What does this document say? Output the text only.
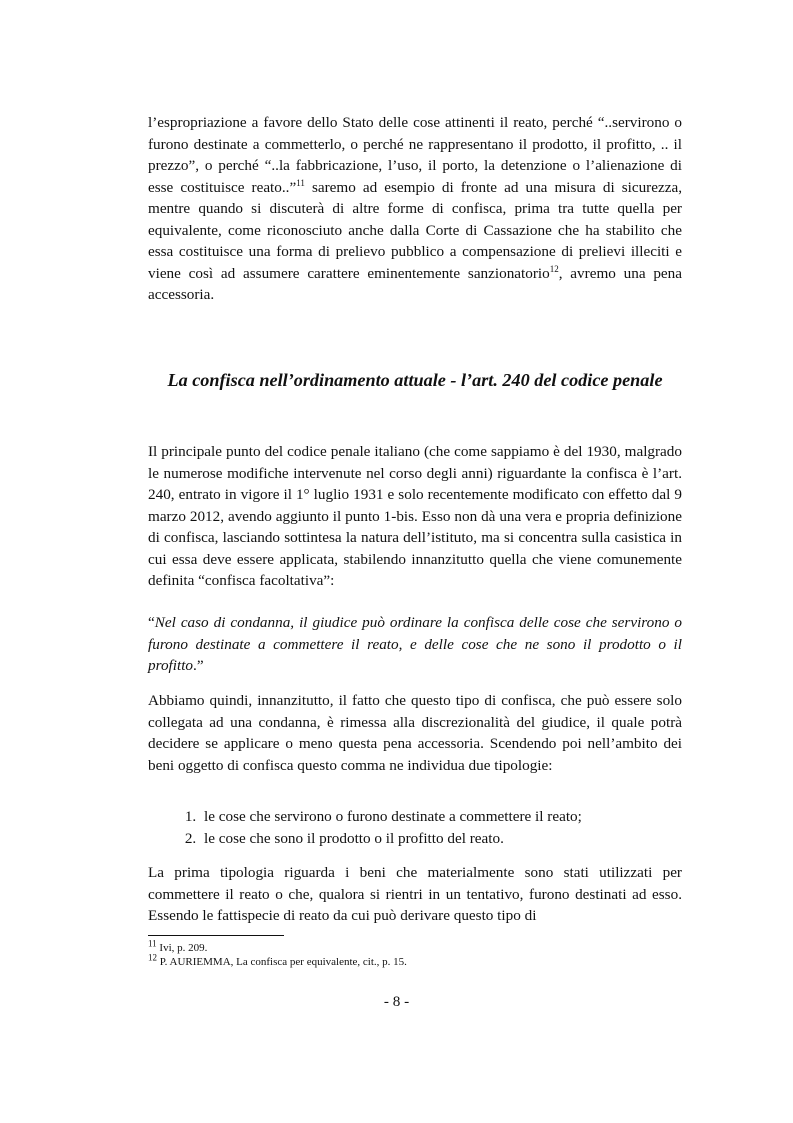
l’espropriazione a favore dello Stato delle cose attinenti il reato, perché “..servirono o furono destinate a commetterlo, o perché ne rappresentano il prodotto, il profitto, .. il prezzo”, o perché “..la fabbricazione, l’uso, il porto, la detenzione o l’alienazione di esse costituisce reato..”$^{11}$ saremo ad esempio di fronte ad una misura di sicurezza, mentre quando si discuterà di altre forme di confisca, prima tra tutte quella per equivalente, come riconosciuto anche dalla Corte di Cassazione che ha stabilito che essa costituisce una forma di prelievo pubblico a compensazione di prelievi illeciti e viene così ad assumere carattere eminentemente sanzionatorio$^{12}$, avremo una pena accessoria.

La confisca nell’ordinamento attuale - l’art. 240 del codice penale

Il principale punto del codice penale italiano (che come sappiamo è del 1930, malgrado le numerose modifiche intervenute nel corso degli anni) riguardante la confisca è l’art. 240, entrato in vigore il 1° luglio 1931 e solo recentemente modificato con effetto dal 9 marzo 2012, avendo aggiunto il punto 1-bis. Esso non dà una vera e propria definizione di confisca, lasciando sottintesa la natura dell’istituto, ma si concentra sulla casistica in cui essa deve essere applicata, stabilendo innanzitutto quella che viene comunemente definita “confisca facoltativa”:

“Nel caso di condanna, il giudice può ordinare la confisca delle cose che servirono o furono destinate a commettere il reato, e delle cose che ne sono il prodotto o il profitto.”

Abbiamo quindi, innanzitutto, il fatto che questo tipo di confisca, che può essere solo collegata ad una condanna, è rimessa alla discrezionalità del giudice, il quale potrà decidere se applicare o meno questa pena accessoria. Scendendo poi nell’ambito dei beni oggetto di confisca questo comma ne individua due tipologie:

1. le cose che servirono o furono destinate a commettere il reato;
2. le cose che sono il prodotto o il profitto del reato.

La prima tipologia riguarda i beni che materialmente sono stati utilizzati per commettere il reato o che, qualora si rientri in un tentativo, furono destinati ad esso. Essendo le fattispecie di reato da cui può derivare questo tipo di

$^{11}$ Ivi, p. 209.
$^{12}$ P. AURIEMMA, La confisca per equivalente, cit., p. 15.
- 8 -
